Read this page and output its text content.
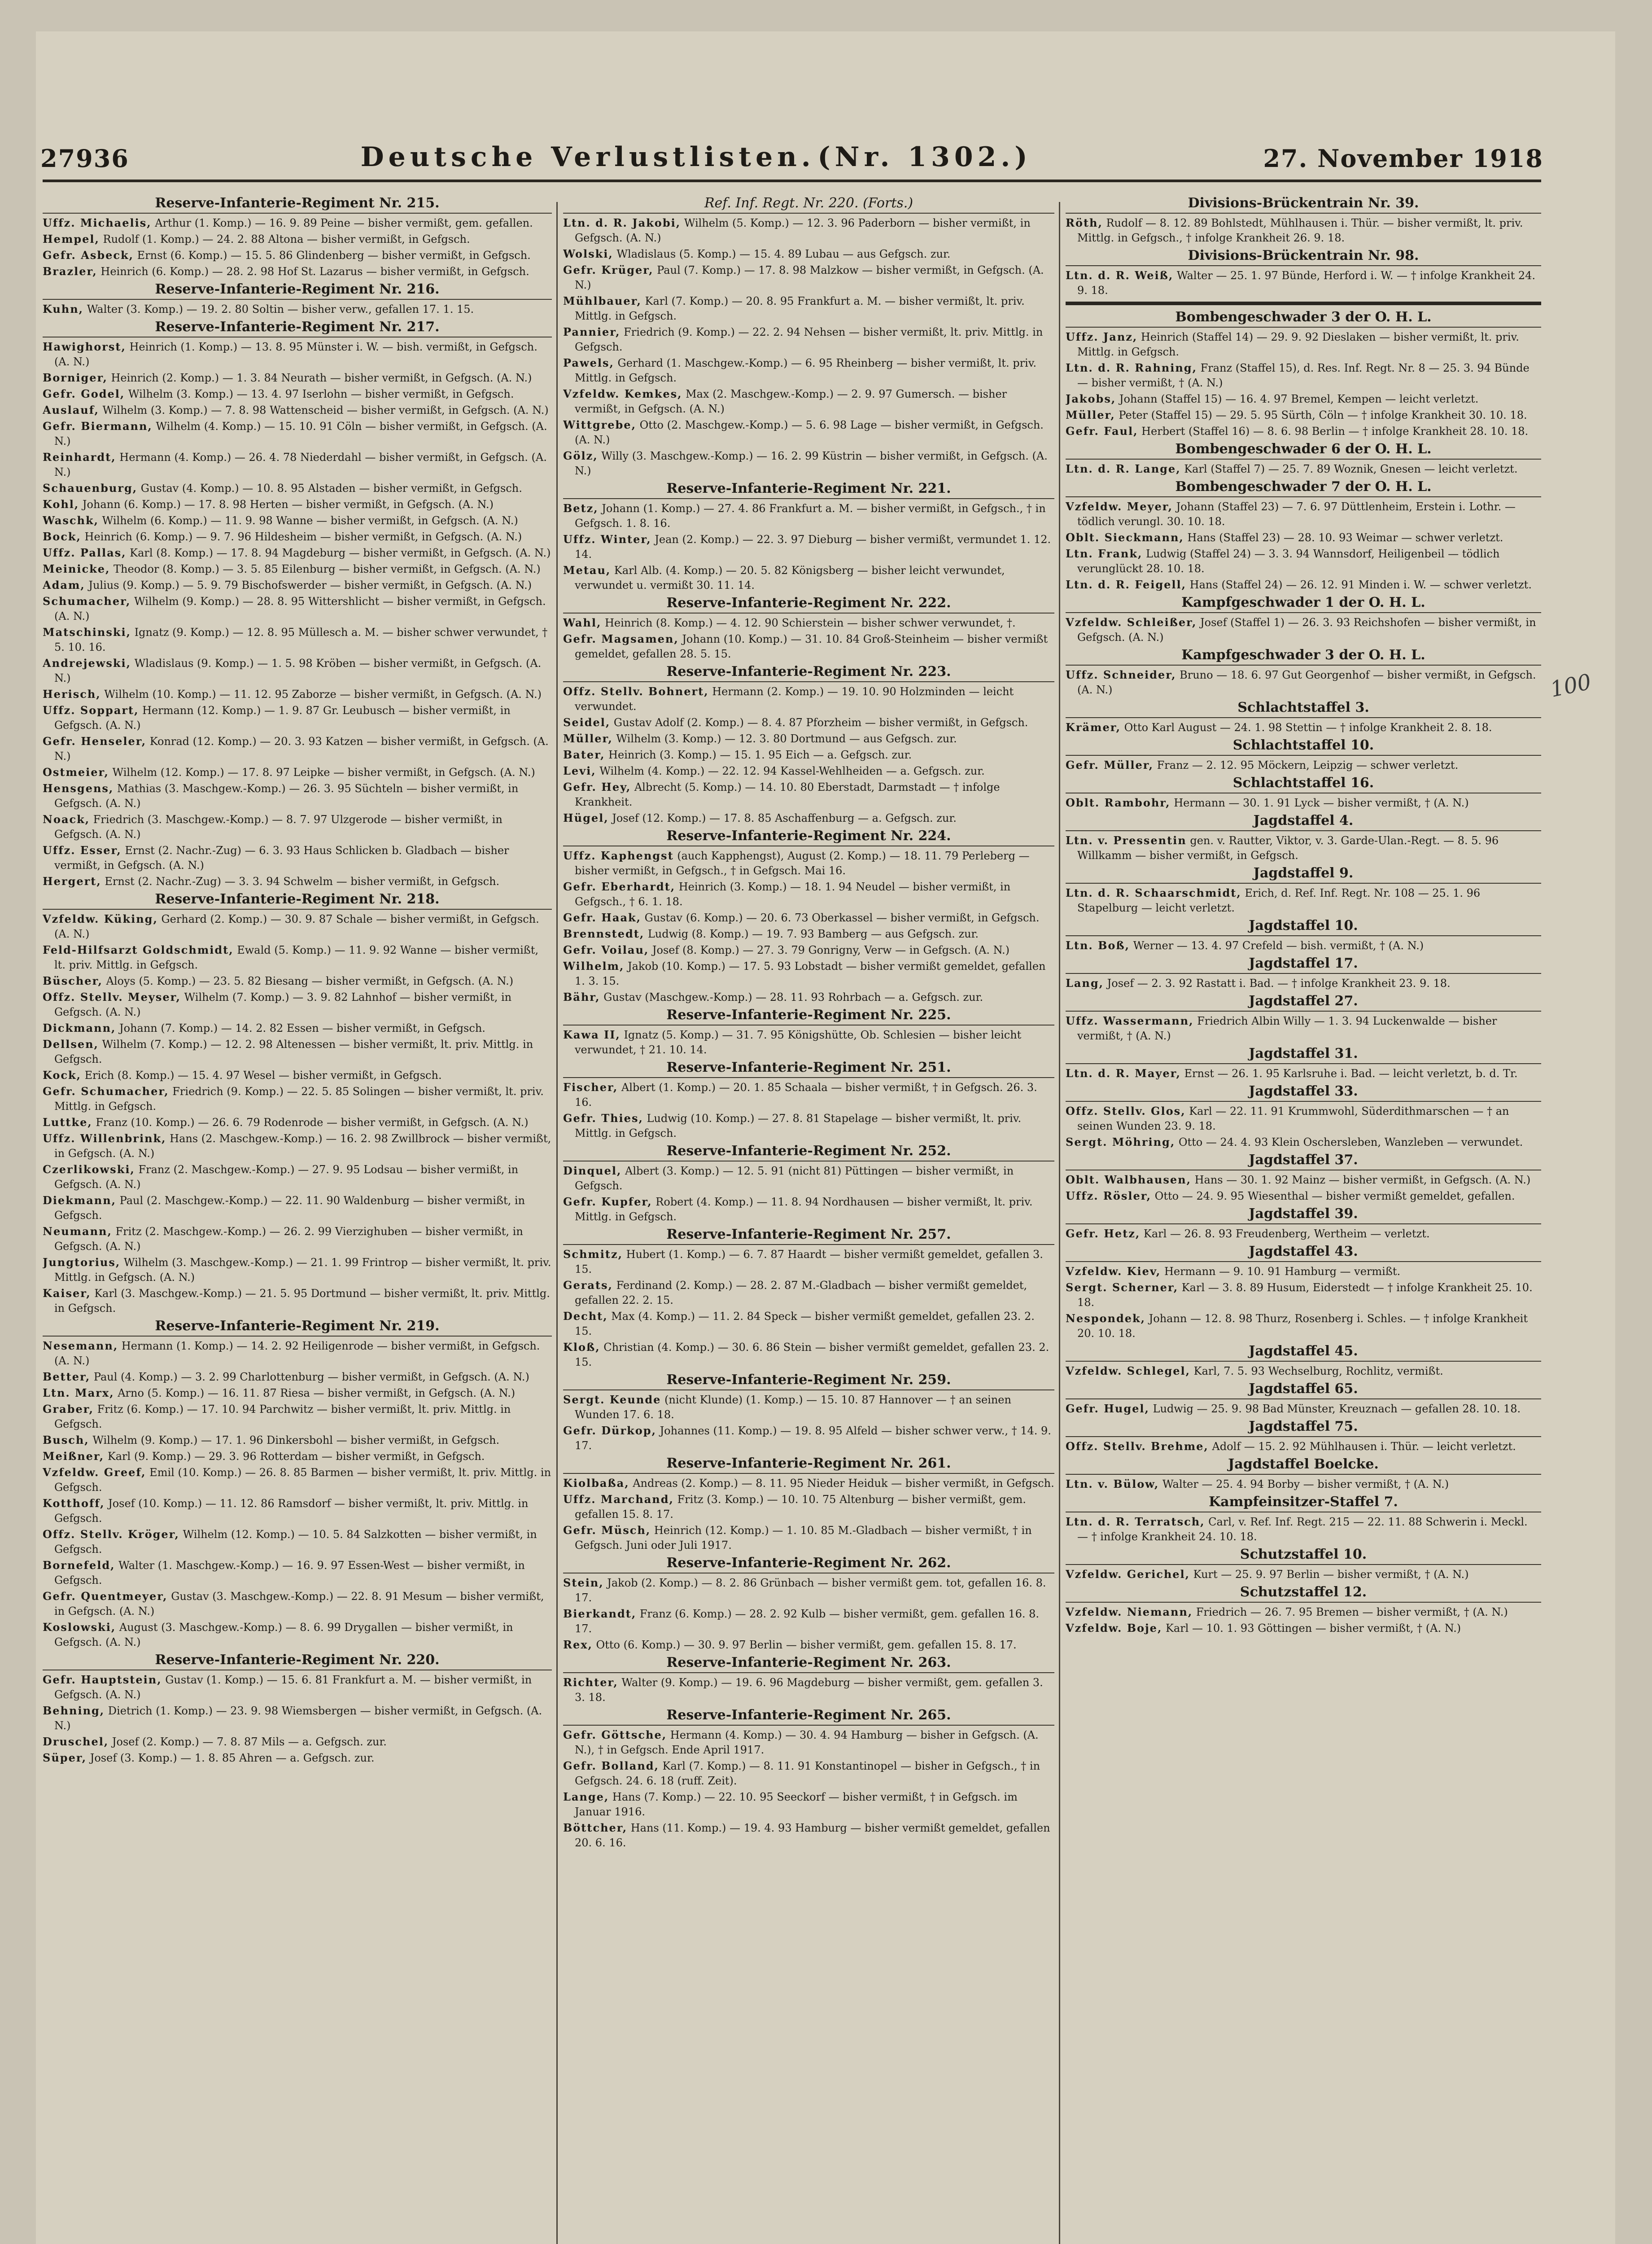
27936	Deutsche Verlustlisten. (Nr. 1302.)	27. November 1918
Reserve-Infanterie-Regiment Nr. 215.
Uffz. Michaelis, Arthur (1. Komp.) — 16. 9. 89 Peine — bisher vermißt, gem. gefallen.
Hempel, Rudolf (1. Komp.) — 24. 2. 88 Altona — bisher vermißt, in Gefgsch.
Gefr. Asbeck, Ernst (6. Komp.) — 15. 5. 86 Glindenberg — bisher vermißt, in Gefgsch.
Brazler, Heinrich (6. Komp.) — 28. 2. 98 Hof St. Lazarus — bisher vermißt, in Gefgsch.
Reserve-Infanterie-Regiment Nr. 216.
Kuhn, Walter (3. Komp.) — 19. 2. 80 Soltin — bisher verw., gefallen 17. 1. 15.
Reserve-Infanterie-Regiment Nr. 217.
Hawighorst, Heinrich (1. Komp.) — 13. 8. 95 Münster i. W. — bish. vermißt, in Gefgsch. (A. N.)
Borniger, Heinrich (2. Komp.) — 1. 3. 84 Neurath — bisher vermißt, in Gefgsch. (A. N.)
Gefr. Godel, Wilhelm (3. Komp.) — 13. 4. 97 Iserlohn — bisher vermißt, in Gefgsch.
Auslauf, Wilhelm (3. Komp.) — 7. 8. 98 Wattenscheid — bisher vermißt, in Gefgsch. (A. N.)
Gefr. Biermann, Wilhelm (4. Komp.) — 15. 10. 91 Cöln — bisher vermißt, in Gefgsch. (A. N.)
Reinhardt, Hermann (4. Komp.) — 26. 4. 78 Niederdahl — bisher vermißt, in Gefgsch. (A. N.)
Schauenburg, Gustav (4. Komp.) — 10. 8. 95 Alstaden — bisher vermißt, in Gefgsch.
Kohl, Johann (6. Komp.) — 17. 8. 98 Herten — bisher vermißt, in Gefgsch. (A. N.)
Waschk, Wilhelm (6. Komp.) — 11. 9. 98 Wanne — bisher vermißt, in Gefgsch. (A. N.)
Bock, Heinrich (6. Komp.) — 9. 7. 96 Hildesheim — bisher vermißt, in Gefgsch. (A. N.)
Uffz. Pallas, Karl (8. Komp.) — 17. 8. 94 Magdeburg — bisher vermißt, in Gefgsch. (A. N.)
Meinicke, Theodor (8. Komp.) — 3. 5. 85 Eilenburg — bisher vermißt, in Gefgsch. (A. N.)
Adam, Julius (9. Komp.) — 5. 9. 79 Bischofswerder — bisher vermißt, in Gefgsch. (A. N.)
Schumacher, Wilhelm (9. Komp.) — 28. 8. 95 Wittershlicht — bisher vermißt, in Gefgsch. (A. N.)
Matschinski, Ignatz (9. Komp.) — 12. 8. 95 Müllesch a. M. — bisher schwer verwundet, † 5. 10. 16.
Andrejewski, Wladislaus (9. Komp.) — 1. 5. 98 Kröben — bisher vermißt, in Gefgsch. (A. N.)
Herisch, Wilhelm (10. Komp.) — 11. 12. 95 Zaborze — bisher vermißt, in Gefgsch. (A. N.)
Uffz. Soppart, Hermann (12. Komp.) — 1. 9. 87 Gr. Leubusch — bisher vermißt, in Gefgsch. (A. N.)
Gefr. Henseler, Konrad (12. Komp.) — 20. 3. 93 Katzen — bisher vermißt, in Gefgsch. (A. N.)
Ostmeier, Wilhelm (12. Komp.) — 17. 8. 97 Leipke — bisher vermißt, in Gefgsch. (A. N.)
Hensgens, Mathias (3. Maschgew.-Komp.) — 26. 3. 95 Süchteln — bisher vermißt, in Gefgsch. (A. N.)
Noack, Friedrich (3. Maschgew.-Komp.) — 8. 7. 97 Ulzgerode — bisher vermißt, in Gefgsch. (A. N.)
Uffz. Esser, Ernst (2. Nachr.-Zug) — 6. 3. 93 Haus Schlicken b. Gladbach — bisher vermißt, in Gefgsch. (A. N.)
Hergert, Ernst (2. Nachr.-Zug) — 3. 3. 94 Schwelm — bisher vermißt, in Gefgsch.
Reserve-Infanterie-Regiment Nr. 218.
Vzfeldw. Küking, Gerhard (2. Komp.) — 30. 9. 87 Schale — bisher vermißt, in Gefgsch. (A. N.)
Feld-Hilfsarzt Goldschmidt, Ewald (5. Komp.) — 11. 9. 92 Wanne — bisher vermißt, lt. priv. Mittlg. in Gefgsch.
Büscher, Aloys (5. Komp.) — 23. 5. 82 Biesang — bisher vermißt, in Gefgsch. (A. N.)
Offz. Stellv. Meyser, Wilhelm (7. Komp.) — 3. 9. 82 Lahnhof — bisher vermißt, in Gefgsch. (A. N.)
Dickmann, Johann (7. Komp.) — 14. 2. 82 Essen — bisher vermißt, in Gefgsch.
Dellsen, Wilhelm (7. Komp.) — 12. 2. 98 Altenessen — bisher vermißt, lt. priv. Mittlg. in Gefgsch.
Kock, Erich (8. Komp.) — 15. 4. 97 Wesel — bisher vermißt, in Gefgsch.
Gefr. Schumacher, Friedrich (9. Komp.) — 22. 5. 85 Solingen — bisher vermißt, lt. priv. Mittlg. in Gefgsch.
Luttke, Franz (10. Komp.) — 26. 6. 79 Rodenrode — bisher vermißt, in Gefgsch. (A. N.)
Uffz. Willenbrink, Hans (2. Maschgew.-Komp.) — 16. 2. 98 Zwillbrock — bisher vermißt, in Gefgsch. (A. N.)
Czerlikowski, Franz (2. Maschgew.-Komp.) — 27. 9. 95 Lodsau — bisher vermißt, in Gefgsch. (A. N.)
Diekmann, Paul (2. Maschgew.-Komp.) — 22. 11. 90 Waldenburg — bisher vermißt, in Gefgsch.
Neumann, Fritz (2. Maschgew.-Komp.) — 26. 2. 99 Vierzighuben — bisher vermißt, in Gefgsch. (A. N.)
Jungtorius, Wilhelm (3. Maschgew.-Komp.) — 21. 1. 99 Frintrop — bisher vermißt, lt. priv. Mittlg. in Gefgsch. (A. N.)
Kaiser, Karl (3. Maschgew.-Komp.) — 21. 5. 95 Dortmund — bisher vermißt, lt. priv. Mittlg. in Gefgsch.
Reserve-Infanterie-Regiment Nr. 219.
Nesemann, Hermann (1. Komp.) — 14. 2. 92 Heiligenrode — bisher vermißt, in Gefgsch. (A. N.)
Better, Paul (4. Komp.) — 3. 2. 99 Charlottenburg — bisher vermißt, in Gefgsch. (A. N.)
Ltn. Marx, Arno (5. Komp.) — 16. 11. 87 Riesa — bisher vermißt, in Gefgsch. (A. N.)
Graber, Fritz (6. Komp.) — 17. 10. 94 Parchwitz — bisher vermißt, lt. priv. Mittlg. in Gefgsch.
Busch, Wilhelm (9. Komp.) — 17. 1. 96 Dinkersbohl — bisher vermißt, in Gefgsch.
Meißner, Karl (9. Komp.) — 29. 3. 96 Rotterdam — bisher vermißt, in Gefgsch.
Vzfeldw. Greef, Emil (10. Komp.) — 26. 8. 85 Barmen — bisher vermißt, lt. priv. Mittlg. in Gefgsch.
Kotthoff, Josef (10. Komp.) — 11. 12. 86 Ramsdorf — bisher vermißt, lt. priv. Mittlg. in Gefgsch.
Offz. Stellv. Kröger, Wilhelm (12. Komp.) — 10. 5. 84 Salzkotten — bisher vermißt, in Gefgsch.
Bornefeld, Walter (1. Maschgew.-Komp.) — 16. 9. 97 Essen-West — bisher vermißt, in Gefgsch.
Gefr. Quentmeyer, Gustav (3. Maschgew.-Komp.) — 22. 8. 91 Mesum — bisher vermißt, in Gefgsch. (A. N.)
Koslowski, August (3. Maschgew.-Komp.) — 8. 6. 99 Drygallen — bisher vermißt, in Gefgsch. (A. N.)
Reserve-Infanterie-Regiment Nr. 220.
Gefr. Hauptstein, Gustav (1. Komp.) — 15. 6. 81 Frankfurt a. M. — bisher vermißt, in Gefgsch. (A. N.)
Behning, Dietrich (1. Komp.) — 23. 9. 98 Wiemsbergen — bisher vermißt, in Gefgsch. (A. N.)
Druschel, Josef (2. Komp.) — 7. 8. 87 Mils — a. Gefgsch. zur.
Süper, Josef (3. Komp.) — 1. 8. 85 Ahren — a. Gefgsch. zur.
Ref. Inf. Regt. Nr. 220. (Forts.)
Ltn. d. R. Jakobi, Wilhelm (5. Komp.) — 12. 3. 96 Paderborn — bisher vermißt, in Gefgsch. (A. N.)
Wolski, Wladislaus (5. Komp.) — 15. 4. 89 Lubau — aus Gefgsch. zur.
Gefr. Krüger, Paul (7. Komp.) — 17. 8. 98 Malzkow — bisher vermißt, in Gefgsch. (A. N.)
Mühlbauer, Karl (7. Komp.) — 20. 8. 95 Frankfurt a. M. — bisher vermißt, lt. priv. Mittlg. in Gefgsch.
Pannier, Friedrich (9. Komp.) — 22. 2. 94 Nehsen — bisher vermißt, lt. priv. Mittlg. in Gefgsch.
Pawels, Gerhard (1. Maschgew.-Komp.) — 6. 95 Rheinberg — bisher vermißt, lt. priv. Mittlg. in Gefgsch.
Vzfeldw. Kemkes, Max (2. Maschgew.-Komp.) — 2. 9. 97 Gumersch. — bisher vermißt, in Gefgsch. (A. N.)
Wittgrebe, Otto (2. Maschgew.-Komp.) — 5. 6. 98 Lage — bisher vermißt, in Gefgsch. (A. N.)
Gölz, Willy (3. Maschgew.-Komp.) — 16. 2. 99 Küstrin — bisher vermißt, in Gefgsch. (A. N.)
Reserve-Infanterie-Regiment Nr. 221.
Betz, Johann (1. Komp.) — 27. 4. 86 Frankfurt a. M. — bisher vermißt, in Gefgsch., † in Gefgsch. 1. 8. 16.
Uffz. Winter, Jean (2. Komp.) — 22. 3. 97 Dieburg — bisher vermißt, vermundet 1. 12. 14.
Metau, Karl Alb. (4. Komp.) — 20. 5. 82 Königsberg — bisher leicht verwundet, verwundet u. vermißt 30. 11. 14.
Reserve-Infanterie-Regiment Nr. 222.
Wahl, Heinrich (8. Komp.) — 4. 12. 90 Schierstein — bisher schwer verwundet, †.
Gefr. Magsamen, Johann (10. Komp.) — 31. 10. 84 Groß-Steinheim — bisher vermißt gemeldet, gefallen 28. 5. 15.
Reserve-Infanterie-Regiment Nr. 223.
Offz. Stellv. Bohnert, Hermann (2. Komp.) — 19. 10. 90 Holzminden — leicht verwundet.
Seidel, Gustav Adolf (2. Komp.) — 8. 4. 87 Pforzheim — bisher vermißt, in Gefgsch.
Müller, Wilhelm (3. Komp.) — 12. 3. 80 Dortmund — aus Gefgsch. zur.
Bater, Heinrich (3. Komp.) — 15. 1. 95 Eich — a. Gefgsch. zur.
Levi, Wilhelm (4. Komp.) — 22. 12. 94 Kassel-Wehlheiden — a. Gefgsch. zur.
Gefr. Hey, Albrecht (5. Komp.) — 14. 10. 80 Eberstadt, Darmstadt — † infolge Krankheit.
Hügel, Josef (12. Komp.) — 17. 8. 85 Aschaffenburg — a. Gefgsch. zur.
Reserve-Infanterie-Regiment Nr. 224.
Uffz. Kaphengst (auch Kapphengst), August (2. Komp.) — 18. 11. 79 Perleberg — bisher vermißt, in Gefgsch., † in Gefgsch. Mai 16.
Gefr. Eberhardt, Heinrich (3. Komp.) — 18. 1. 94 Neudel — bisher vermißt, in Gefgsch., † 6. 1. 18.
Gefr. Haak, Gustav (6. Komp.) — 20. 6. 73 Oberkassel — bisher vermißt, in Gefgsch.
Brennstedt, Ludwig (8. Komp.) — 19. 7. 93 Bamberg — aus Gefgsch. zur.
Gefr. Voilau, Josef (8. Komp.) — 27. 3. 79 Gonrigny, Verw — in Gefgsch. (A. N.)
Wilhelm, Jakob (10. Komp.) — 17. 5. 93 Lobstadt — bisher vermißt gemeldet, gefallen 1. 3. 15.
Bähr, Gustav (Maschgew.-Komp.) — 28. 11. 93 Rohrbach — a. Gefgsch. zur.
Reserve-Infanterie-Regiment Nr. 225.
Kawa II, Ignatz (5. Komp.) — 31. 7. 95 Königshütte, Ob. Schlesien — bisher leicht verwundet, † 21. 10. 14.
Reserve-Infanterie-Regiment Nr. 251.
Fischer, Albert (1. Komp.) — 20. 1. 85 Schaala — bisher vermißt, † in Gefgsch. 26. 3. 16.
Gefr. Thies, Ludwig (10. Komp.) — 27. 8. 81 Stapelage — bisher vermißt, lt. priv. Mittlg. in Gefgsch.
Reserve-Infanterie-Regiment Nr. 252.
Dinquel, Albert (3. Komp.) — 12. 5. 91 (nicht 81) Püttingen — bisher vermißt, in Gefgsch.
Gefr. Kupfer, Robert (4. Komp.) — 11. 8. 94 Nordhausen — bisher vermißt, lt. priv. Mittlg. in Gefgsch.
Reserve-Infanterie-Regiment Nr. 257.
Schmitz, Hubert (1. Komp.) — 6. 7. 87 Haardt — bisher vermißt gemeldet, gefallen 3. 15.
Gerats, Ferdinand (2. Komp.) — 28. 2. 87 M.-Gladbach — bisher vermißt gemeldet, gefallen 22. 2. 15.
Decht, Max (4. Komp.) — 11. 2. 84 Speck — bisher vermißt gemeldet, gefallen 23. 2. 15.
Kloß, Christian (4. Komp.) — 30. 6. 86 Stein — bisher vermißt gemeldet, gefallen 23. 2. 15.
Reserve-Infanterie-Regiment Nr. 259.
Sergt. Keunde (nicht Klunde) (1. Komp.) — 15. 10. 87 Hannover — † an seinen Wunden 17. 6. 18.
Gefr. Dürkop, Johannes (11. Komp.) — 19. 8. 95 Alfeld — bisher schwer verw., † 14. 9. 17.
Reserve-Infanterie-Regiment Nr. 261.
Kiolbaßa, Andreas (2. Komp.) — 8. 11. 95 Nieder Heiduk — bisher vermißt, in Gefgsch.
Uffz. Marchand, Fritz (3. Komp.) — 10. 10. 75 Altenburg — bisher vermißt, gem. gefallen 15. 8. 17.
Gefr. Müsch, Heinrich (12. Komp.) — 1. 10. 85 M.-Gladbach — bisher vermißt, † in Gefgsch. Juni oder Juli 1917.
Reserve-Infanterie-Regiment Nr. 262.
Stein, Jakob (2. Komp.) — 8. 2. 86 Grünbach — bisher vermißt gem. tot, gefallen 16. 8. 17.
Bierkandt, Franz (6. Komp.) — 28. 2. 92 Kulb — bisher vermißt, gem. gefallen 16. 8. 17.
Rex, Otto (6. Komp.) — 30. 9. 97 Berlin — bisher vermißt, gem. gefallen 15. 8. 17.
Reserve-Infanterie-Regiment Nr. 263.
Richter, Walter (9. Komp.) — 19. 6. 96 Magdeburg — bisher vermißt, gem. gefallen 3. 3. 18.
Reserve-Infanterie-Regiment Nr. 265.
Gefr. Göttsche, Hermann (4. Komp.) — 30. 4. 94 Hamburg — bisher in Gefgsch. (A. N.), † in Gefgsch. Ende April 1917.
Gefr. Bolland, Karl (7. Komp.) — 8. 11. 91 Konstantinopel — bisher in Gefgsch., † in Gefgsch. 24. 6. 18 (ruff. Zeit).
Lange, Hans (7. Komp.) — 22. 10. 95 Seeckorf — bisher vermißt, † in Gefgsch. im Januar 1916.
Böttcher, Hans (11. Komp.) — 19. 4. 93 Hamburg — bisher vermißt gemeldet, gefallen 20. 6. 16.
Divisions-Brückentrain Nr. 39.
Röth, Rudolf — 8. 12. 89 Bohlstedt, Mühlhausen i. Thür. — bisher vermißt, lt. priv. Mittlg. in Gefgsch., † infolge Krankheit 26. 9. 18.
Divisions-Brückentrain Nr. 98.
Ltn. d. R. Weiß, Walter — 25. 1. 97 Bünde, Herford i. W. — † infolge Krankheit 24. 9. 18.
Bombengeschwader 3 der O. H. L.
Uffz. Janz, Heinrich (Staffel 14) — 29. 9. 92 Dieslaken — bisher vermißt, lt. priv. Mittlg. in Gefgsch.
Ltn. d. R. Rahning, Franz (Staffel 15), d. Res. Inf. Regt. Nr. 8 — 25. 3. 94 Bünde — bisher vermißt, † (A. N.)
Jakobs, Johann (Staffel 15) — 16. 4. 97 Bremel, Kempen — leicht verletzt.
Müller, Peter (Staffel 15) — 29. 5. 95 Sürth, Cöln — † infolge Krankheit 30. 10. 18.
Gefr. Faul, Herbert (Staffel 16) — 8. 6. 98 Berlin — † infolge Krankheit 28. 10. 18.
Bombengeschwader 6 der O. H. L.
Ltn. d. R. Lange, Karl (Staffel 7) — 25. 7. 89 Woznik, Gnesen — leicht verletzt.
Bombengeschwader 7 der O. H. L.
Vzfeldw. Meyer, Johann (Staffel 23) — 7. 6. 97 Düttlenheim, Erstein i. Lothr. — tödlich verungl. 30. 10. 18.
Oblt. Sieckmann, Hans (Staffel 23) — 28. 10. 93 Weimar — schwer verletzt.
Ltn. Frank, Ludwig (Staffel 24) — 3. 3. 94 Wannsdorf, Heiligenbeil — tödlich verunglückt 28. 10. 18.
Ltn. d. R. Feigell, Hans (Staffel 24) — 26. 12. 91 Minden i. W. — schwer verletzt.
Kampfgeschwader 1 der O. H. L.
Vzfeldw. Schleißer, Josef (Staffel 1) — 26. 3. 93 Reichshofen — bisher vermißt, in Gefgsch. (A. N.)
Kampfgeschwader 3 der O. H. L.
Uffz. Schneider, Bruno — 18. 6. 97 Gut Georgenhof — bisher vermißt, in Gefgsch. (A. N.)
Schlachtstaffel 3.
Krämer, Otto Karl August — 24. 1. 98 Stettin — † infolge Krankheit 2. 8. 18.
Schlachtstaffel 10.
Gefr. Müller, Franz — 2. 12. 95 Möckern, Leipzig — schwer verletzt.
Schlachtstaffel 16.
Oblt. Rambohr, Hermann — 30. 1. 91 Lyck — bisher vermißt, † (A. N.)
Jagdstaffel 4.
Ltn. v. Pressentin gen. v. Rautter, Viktor, v. 3. Garde-Ulan.-Regt. — 8. 5. 96 Willkamm — bisher vermißt, in Gefgsch.
Jagdstaffel 9.
Ltn. d. R. Schaarschmidt, Erich, d. Ref. Inf. Regt. Nr. 108 — 25. 1. 96 Stapelburg — leicht verletzt.
Jagdstaffel 10.
Ltn. Boß, Werner — 13. 4. 97 Crefeld — bish. vermißt, † (A. N.)
Jagdstaffel 17.
Lang, Josef — 2. 3. 92 Rastatt i. Bad. — † infolge Krankheit 23. 9. 18.
Jagdstaffel 27.
Uffz. Wassermann, Friedrich Albin Willy — 1. 3. 94 Luckenwalde — bisher vermißt, † (A. N.)
Jagdstaffel 31.
Ltn. d. R. Mayer, Ernst — 26. 1. 95 Karlsruhe i. Bad. — leicht verletzt, b. d. Tr.
Jagdstaffel 33.
Offz. Stellv. Glos, Karl — 22. 11. 91 Krummwohl, Süderdithmarschen — † an seinen Wunden 23. 9. 18.
Sergt. Möhring, Otto — 24. 4. 93 Klein Oschersleben, Wanzleben — verwundet.
Jagdstaffel 37.
Oblt. Walbhausen, Hans — 30. 1. 92 Mainz — bisher vermißt, in Gefgsch. (A. N.)
Uffz. Rösler, Otto — 24. 9. 95 Wiesenthal — bisher vermißt gemeldet, gefallen.
Jagdstaffel 39.
Gefr. Hetz, Karl — 26. 8. 93 Freudenberg, Wertheim — verletzt.
Jagdstaffel 43.
Vzfeldw. Kiev, Hermann — 9. 10. 91 Hamburg — vermißt.
Sergt. Scherner, Karl — 3. 8. 89 Husum, Eiderstedt — † infolge Krankheit 25. 10. 18.
Nespondek, Johann — 12. 8. 98 Thurz, Rosenberg i. Schles. — † infolge Krankheit 20. 10. 18.
Jagdstaffel 45.
Vzfeldw. Schlegel, Karl, 7. 5. 93 Wechselburg, Rochlitz, vermißt.
Jagdstaffel 65.
Gefr. Hugel, Ludwig — 25. 9. 98 Bad Münster, Kreuznach — gefallen 28. 10. 18.
Jagdstaffel 75.
Offz. Stellv. Brehme, Adolf — 15. 2. 92 Mühlhausen i. Thür. — leicht verletzt.
Jagdstaffel Boelcke.
Ltn. v. Bülow, Walter — 25. 4. 94 Borby — bisher vermißt, † (A. N.)
Kampfeinsitzer-Staffel 7.
Ltn. d. R. Terratsch, Carl, v. Ref. Inf. Regt. 215 — 22. 11. 88 Schwerin i. Meckl. — † infolge Krankheit 24. 10. 18.
Schutzstaffel 10.
Vzfeldw. Gerichel, Kurt — 25. 9. 97 Berlin — bisher vermißt, † (A. N.)
Schutzstaffel 12.
Vzfeldw. Niemann, Friedrich — 26. 7. 95 Bremen — bisher vermißt, † (A. N.)
Vzfeldw. Boje, Karl — 10. 1. 93 Göttingen — bisher vermißt, † (A. N.)
100
